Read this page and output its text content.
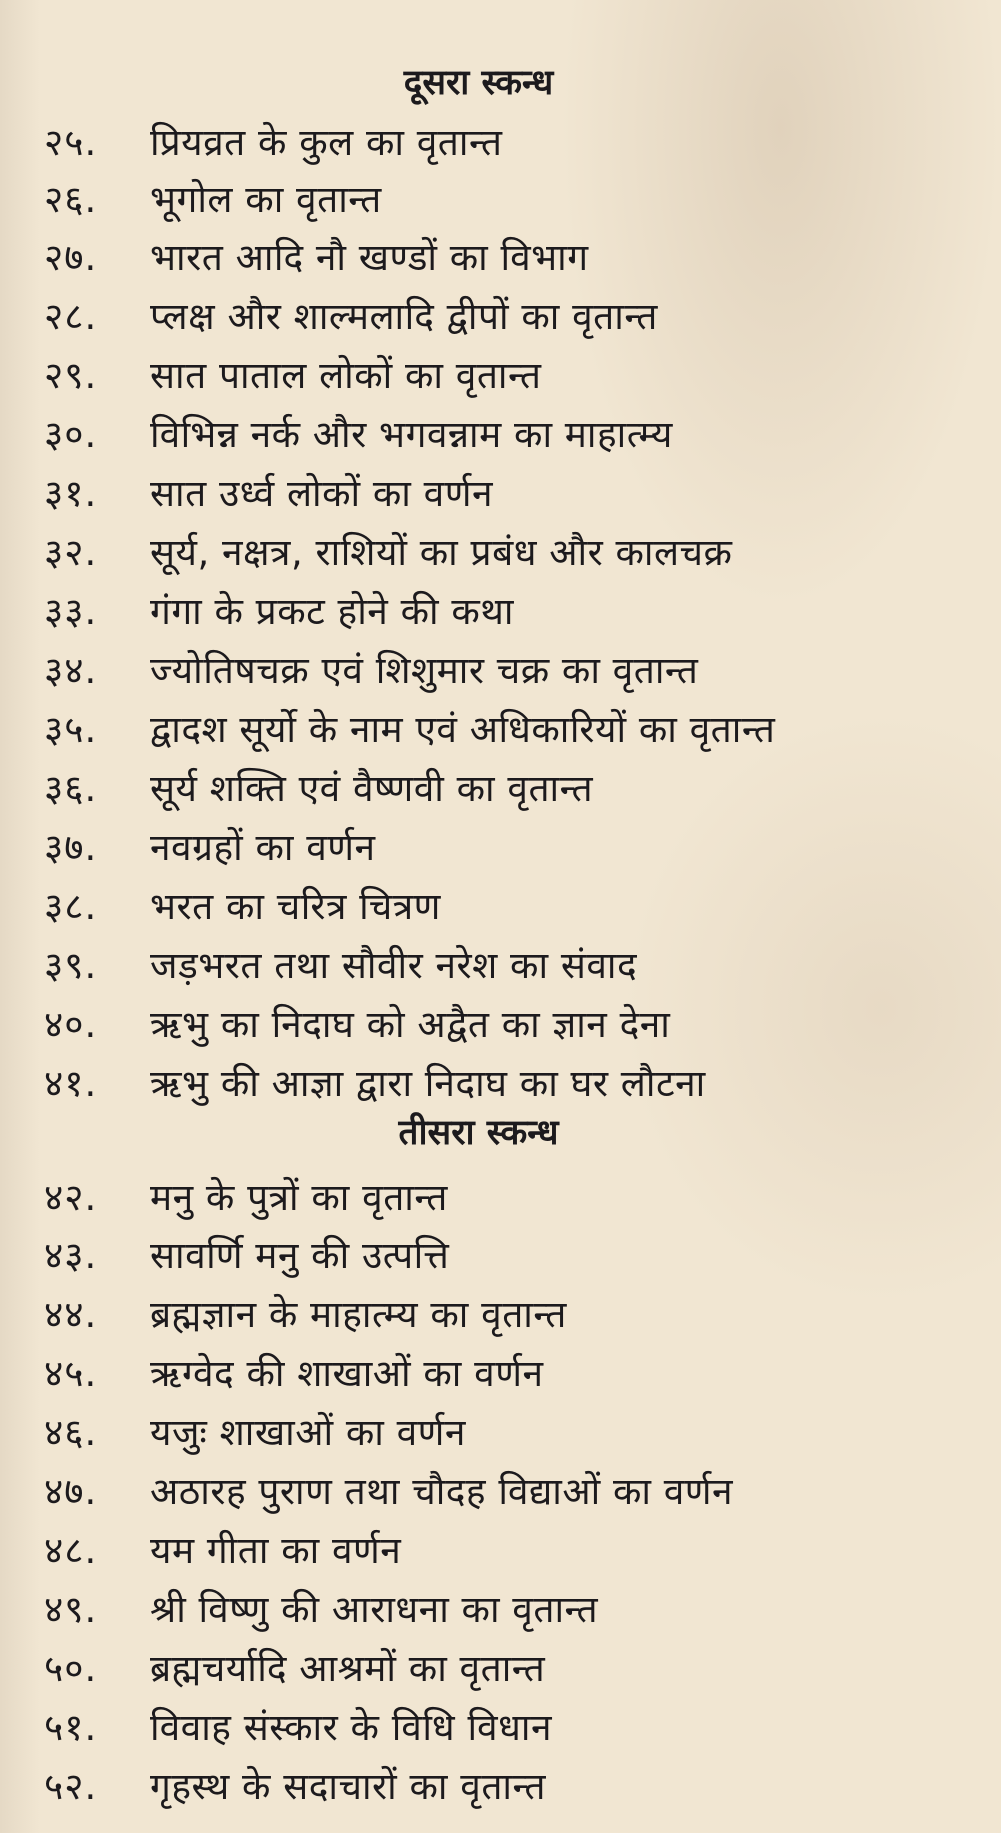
दूसरा स्कन्ध
२५.	प्रियव्रत के कुल का वृतान्त
२६.	भूगोल का वृतान्त
२७.	भारत आदि नौ खण्डों का विभाग
२८.	प्लक्ष और शाल्मलादि द्वीपों का वृतान्त
२९.	सात पाताल लोकों का वृतान्त
३०.	विभिन्न नर्क और भगवन्नाम का माहात्म्य
३१.	सात उर्ध्व लोकों का वर्णन
३२.	सूर्य, नक्षत्र, राशियों का प्रबंध और कालचक्र
३३.	गंगा के प्रकट होने की कथा
३४.	ज्योतिषचक्र एवं शिशुमार चक्र का वृतान्त
३५.	द्वादश सूर्यो के नाम एवं अधिकारियों का वृतान्त
३६.	सूर्य शक्ति एवं वैष्णवी का वृतान्त
३७.	नवग्रहों का वर्णन
३८.	भरत का चरित्र चित्रण
३९.	जड़भरत तथा सौवीर नरेश का संवाद
४०.	ऋभु का निदाघ को अद्वैत का ज्ञान देना
४१.	ऋभु की आज्ञा द्वारा निदाघ का घर लौटना
तीसरा स्कन्ध
४२.	मनु के पुत्रों का वृतान्त
४३.	सावर्णि मनु की उत्पत्ति
४४.	ब्रह्मज्ञान के माहात्म्य का वृतान्त
४५.	ऋग्वेद की शाखाओं का वर्णन
४६.	यजुः शाखाओं का वर्णन
४७.	अठारह पुराण तथा चौदह विद्याओं का वर्णन
४८.	यम गीता का वर्णन
४९.	श्री विष्णु की आराधना का वृतान्त
५०.	ब्रह्मचर्यादि आश्रमों का वृतान्त
५१.	विवाह संस्कार के विधि विधान
५२.	गृहस्थ के सदाचारों का वृतान्त
